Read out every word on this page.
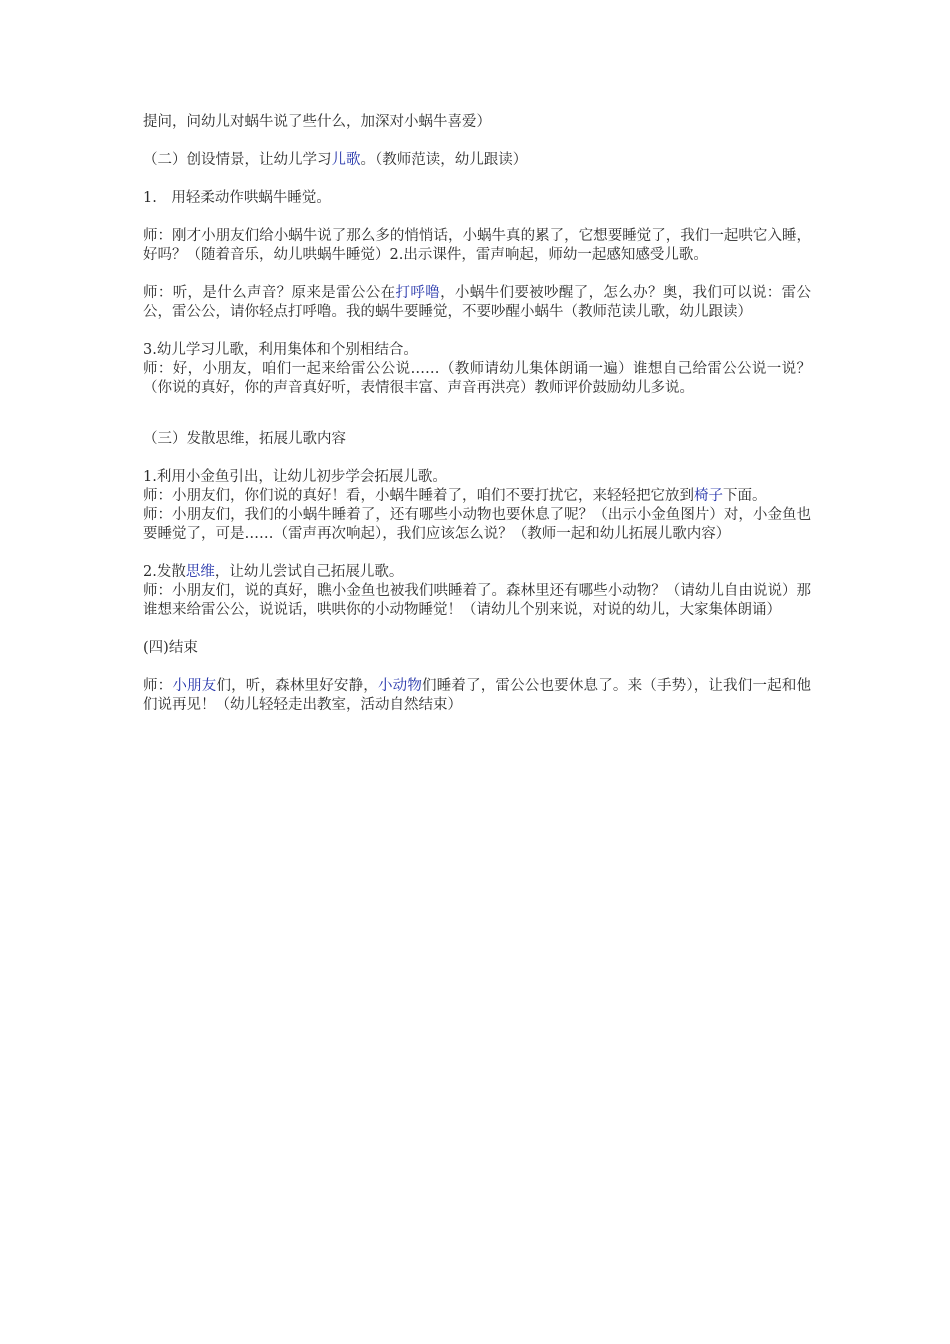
提问，问幼儿对蜗牛说了些什么，加深对小蜗牛喜爱）

（二）创设情景，让幼儿学习儿歌。（教师范读，幼儿跟读）

1.　用轻柔动作哄蜗牛睡觉。

师：刚才小朋友们给小蜗牛说了那么多的悄悄话，小蜗牛真的累了，它想要睡觉了，我们一起哄它入睡，好吗？（随着音乐，幼儿哄蜗牛睡觉）2.出示课件，雷声响起，师幼一起感知感受儿歌。

师：听，是什么声音？原来是雷公公在打呼噜，小蜗牛们要被吵醒了，怎么办？奥，我们可以说：雷公公，雷公公，请你轻点打呼噜。我的蜗牛要睡觉，不要吵醒小蜗牛（教师范读儿歌，幼儿跟读）

3.幼儿学习儿歌，利用集体和个别相结合。

师：好，小朋友，咱们一起来给雷公公说……（教师请幼儿集体朗诵一遍）谁想自己给雷公公说一说？（你说的真好，你的声音真好听，表情很丰富、声音再洪亮）教师评价鼓励幼儿多说。

（三）发散思维，拓展儿歌内容

1.利用小金鱼引出，让幼儿初步学会拓展儿歌。

师：小朋友们，你们说的真好！看，小蜗牛睡着了，咱们不要打扰它，来轻轻把它放到椅子下面。

师：小朋友们，我们的小蜗牛睡着了，还有哪些小动物也要休息了呢？（出示小金鱼图片）对，小金鱼也要睡觉了，可是……（雷声再次响起），我们应该怎么说？（教师一起和幼儿拓展儿歌内容）

2.发散思维，让幼儿尝试自己拓展儿歌。

师：小朋友们，说的真好，瞧小金鱼也被我们哄睡着了。森林里还有哪些小动物？（请幼儿自由说说）那谁想来给雷公公，说说话，哄哄你的小动物睡觉！（请幼儿个别来说，对说的幼儿，大家集体朗诵）

(四)结束

师：小朋友们，听，森林里好安静，小动物们睡着了，雷公公也要休息了。来（手势），让我们一起和他们说再见！（幼儿轻轻走出教室，活动自然结束）
